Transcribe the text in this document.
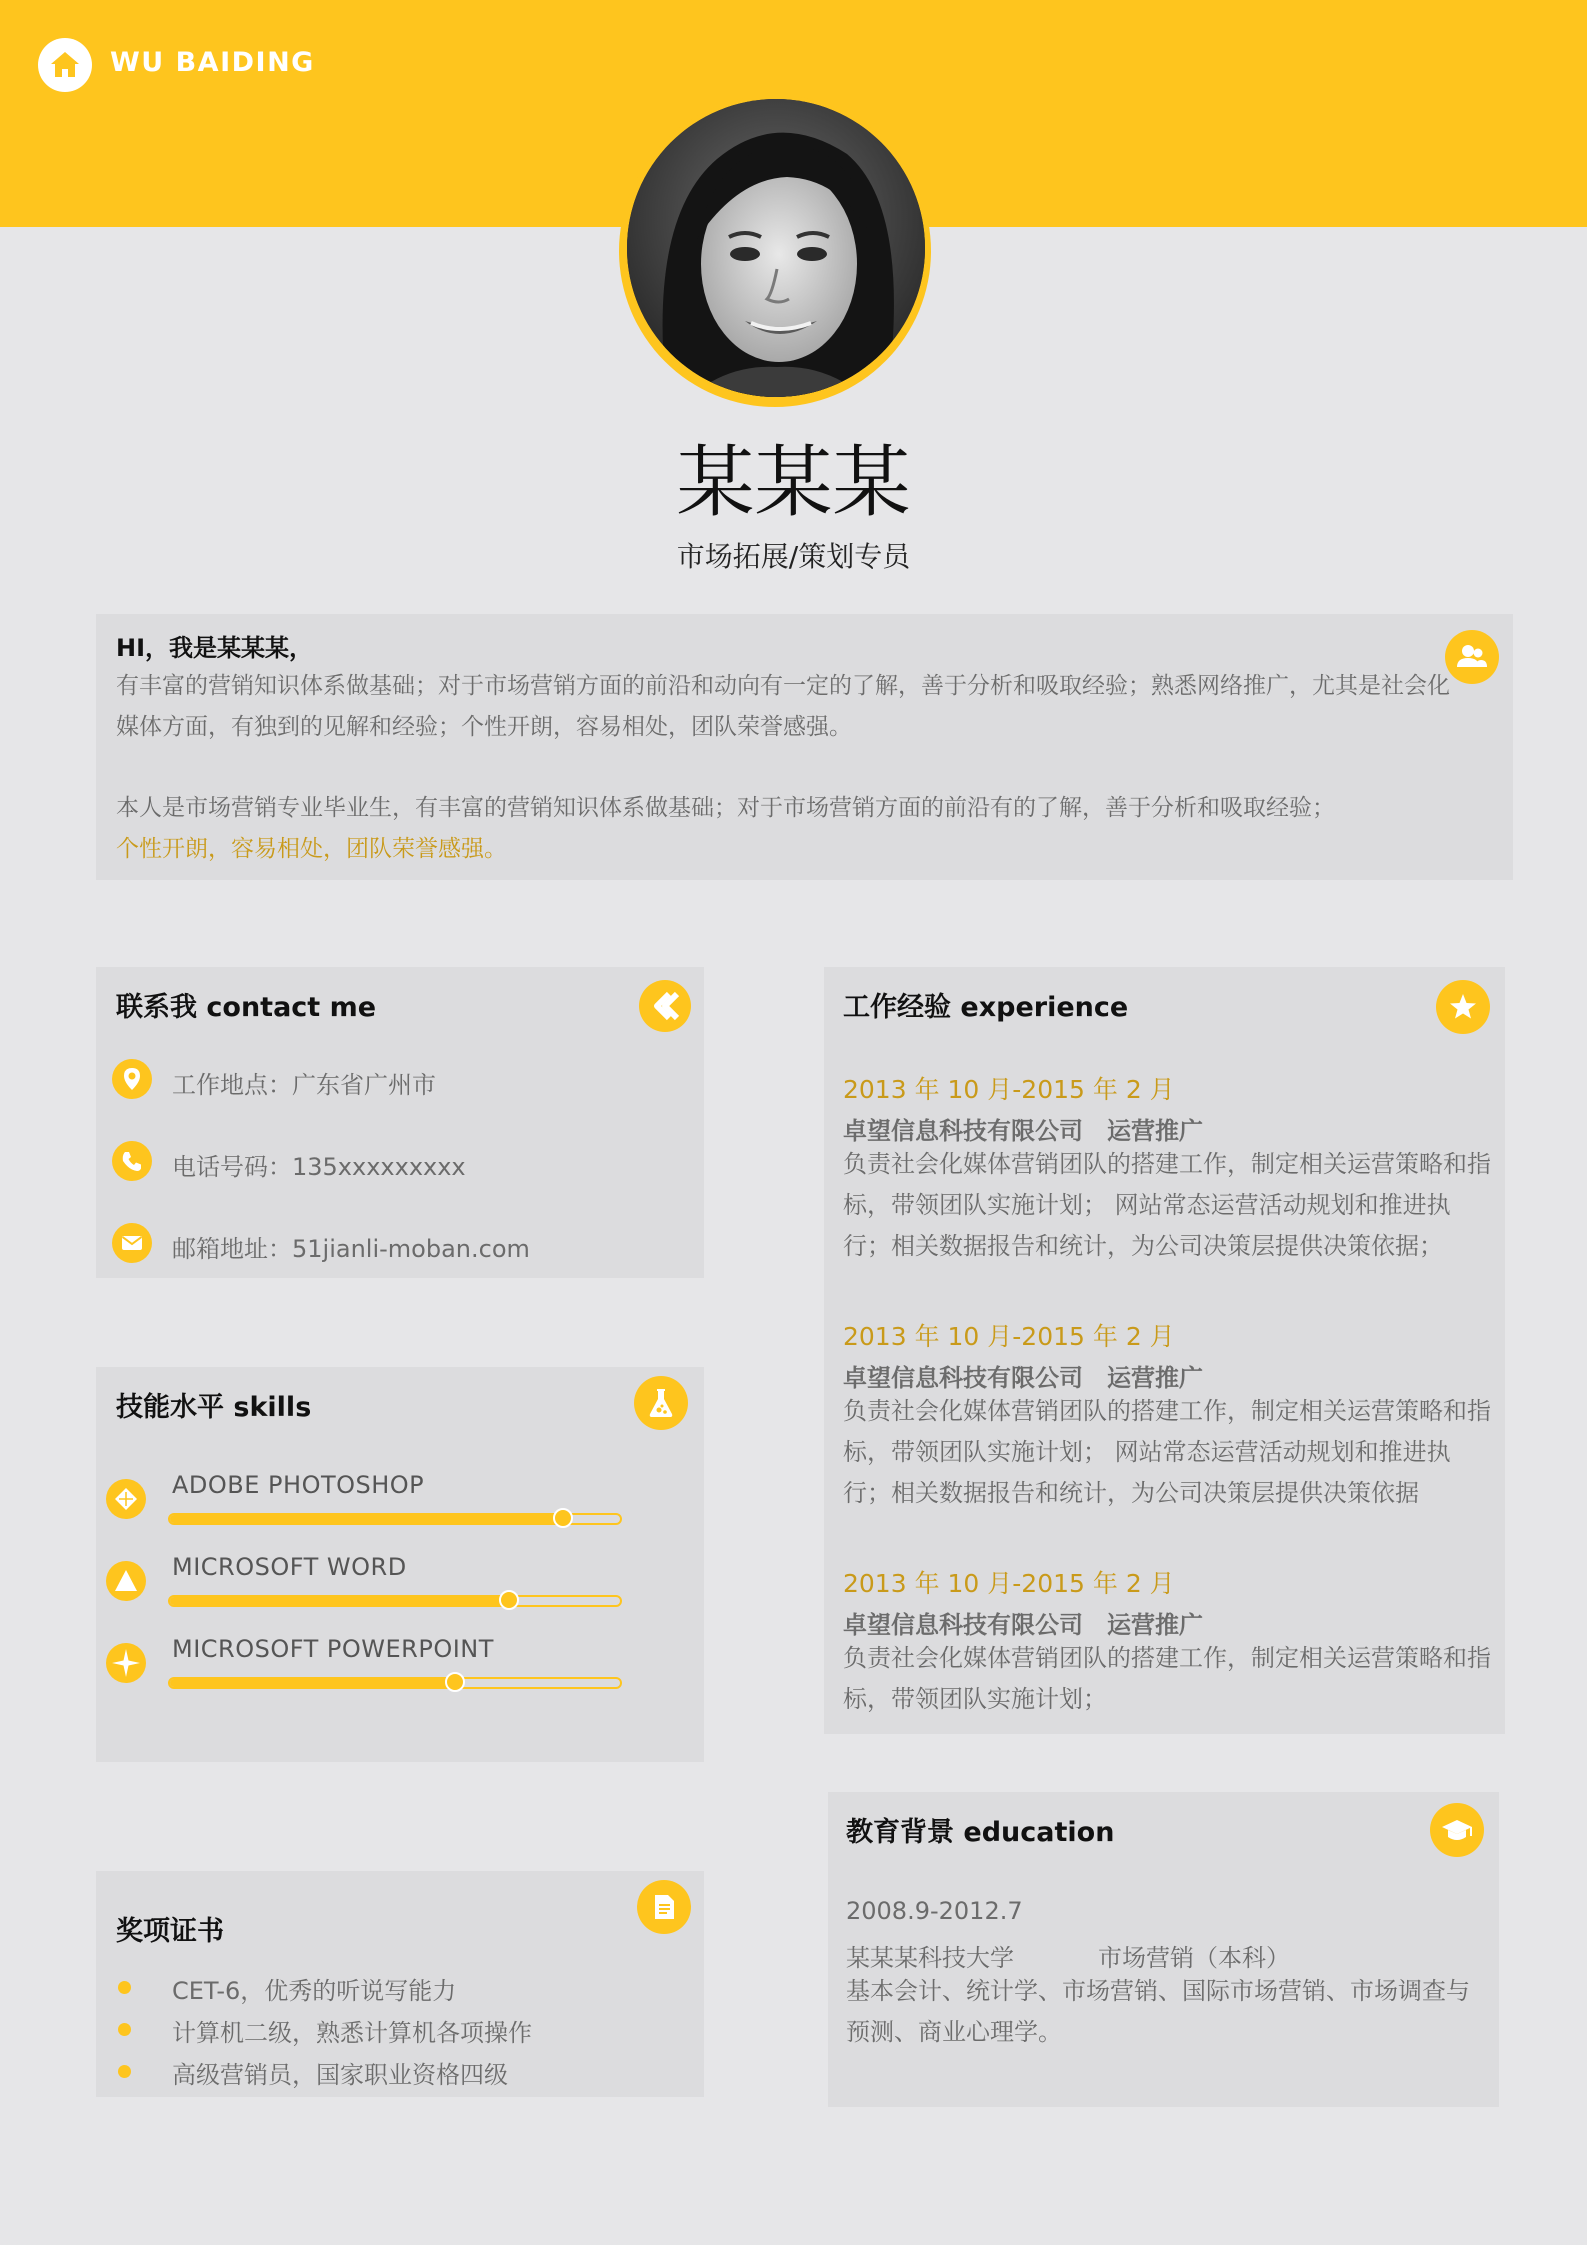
WU BAIDING
某某某
市场拓展/策划专员
HI，我是某某某，
有丰富的营销知识体系做基础；对于市场营销方面的前沿和动向有一定的了解，善于分析和吸取经验；熟悉网络推广，尤其是社会化媒体方面，有独到的见解和经验；个性开朗，容易相处，团队荣誉感强。
本人是市场营销专业毕业生，有丰富的营销知识体系做基础；对于市场营销方面的前沿有的了解，善于分析和吸取经验；
个性开朗，容易相处，团队荣誉感强。
联系我 contact me
工作地点：广东省广州市
电话号码：135xxxxxxxxx
邮箱地址：51jianli-moban.com
技能水平 skills
ADOBE PHOTOSHOP
MICROSOFT WORD
MICROSOFT POWERPOINT
奖项证书
CET-6，优秀的听说写能力
计算机二级，熟悉计算机各项操作
高级营销员，国家职业资格四级
工作经验 experience
2013 年 10 月-2015 年 2 月
卓望信息科技有限公司　运营推广
负责社会化媒体营销团队的搭建工作，制定相关运营策略和指标，带领团队实施计划； 网站常态运营活动规划和推进执行；相关数据报告和统计，为公司决策层提供决策依据；
2013 年 10 月-2015 年 2 月
卓望信息科技有限公司　运营推广
负责社会化媒体营销团队的搭建工作，制定相关运营策略和指标，带领团队实施计划； 网站常态运营活动规划和推进执行；相关数据报告和统计，为公司决策层提供决策依据
2013 年 10 月-2015 年 2 月
卓望信息科技有限公司　运营推广
负责社会化媒体营销团队的搭建工作，制定相关运营策略和指标，带领团队实施计划；
教育背景 education
2008.9-2012.7
某某某科技大学	市场营销（本科）
基本会计、统计学、市场营销、国际市场营销、市场调查与预测、商业心理学。
